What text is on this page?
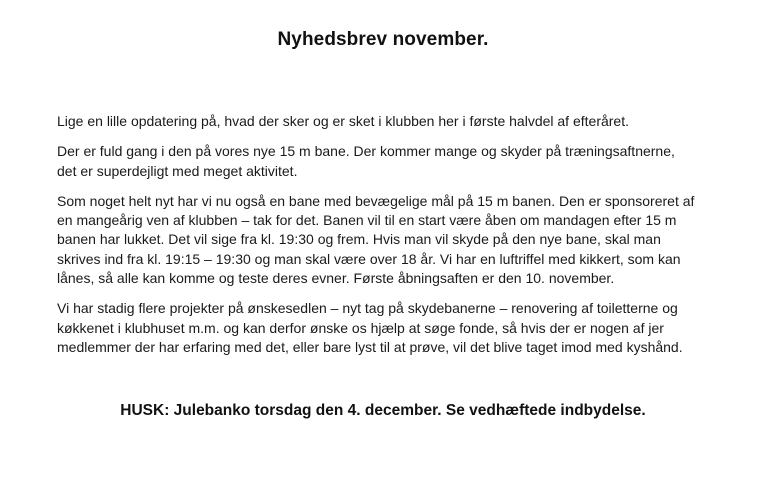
Nyhedsbrev november.

Lige en lille opdatering på, hvad der sker og er sket i klubben her i første halvdel af efteråret.

Der er fuld gang i den på vores nye 15 m bane. Der kommer mange og skyder på træningsaftnerne, det er superdejligt med meget aktivitet.

Som noget helt nyt har vi nu også en bane med bevægelige mål på 15 m banen. Den er sponsoreret af en mangeårig ven af klubben – tak for det. Banen vil til en start være åben om mandagen efter 15 m banen har lukket. Det vil sige fra kl. 19:30 og frem. Hvis man vil skyde på den nye bane, skal man skrives ind fra kl. 19:15 – 19:30 og man skal være over 18 år. Vi har en luftriffel med kikkert, som kan lånes, så alle kan komme og teste deres evner. Første åbningsaften er den 10. november.

Vi har stadig flere projekter på ønskesedlen – nyt tag på skydebanerne – renovering af toiletterne og køkkenet i klubhuset m.m. og kan derfor ønske os hjælp at søge fonde, så hvis der er nogen af jer medlemmer der har erfaring med det, eller bare lyst til at prøve, vil det blive taget imod med kyshånd.

HUSK: Julebanko torsdag den 4. december. Se vedhæftede indbydelse.
